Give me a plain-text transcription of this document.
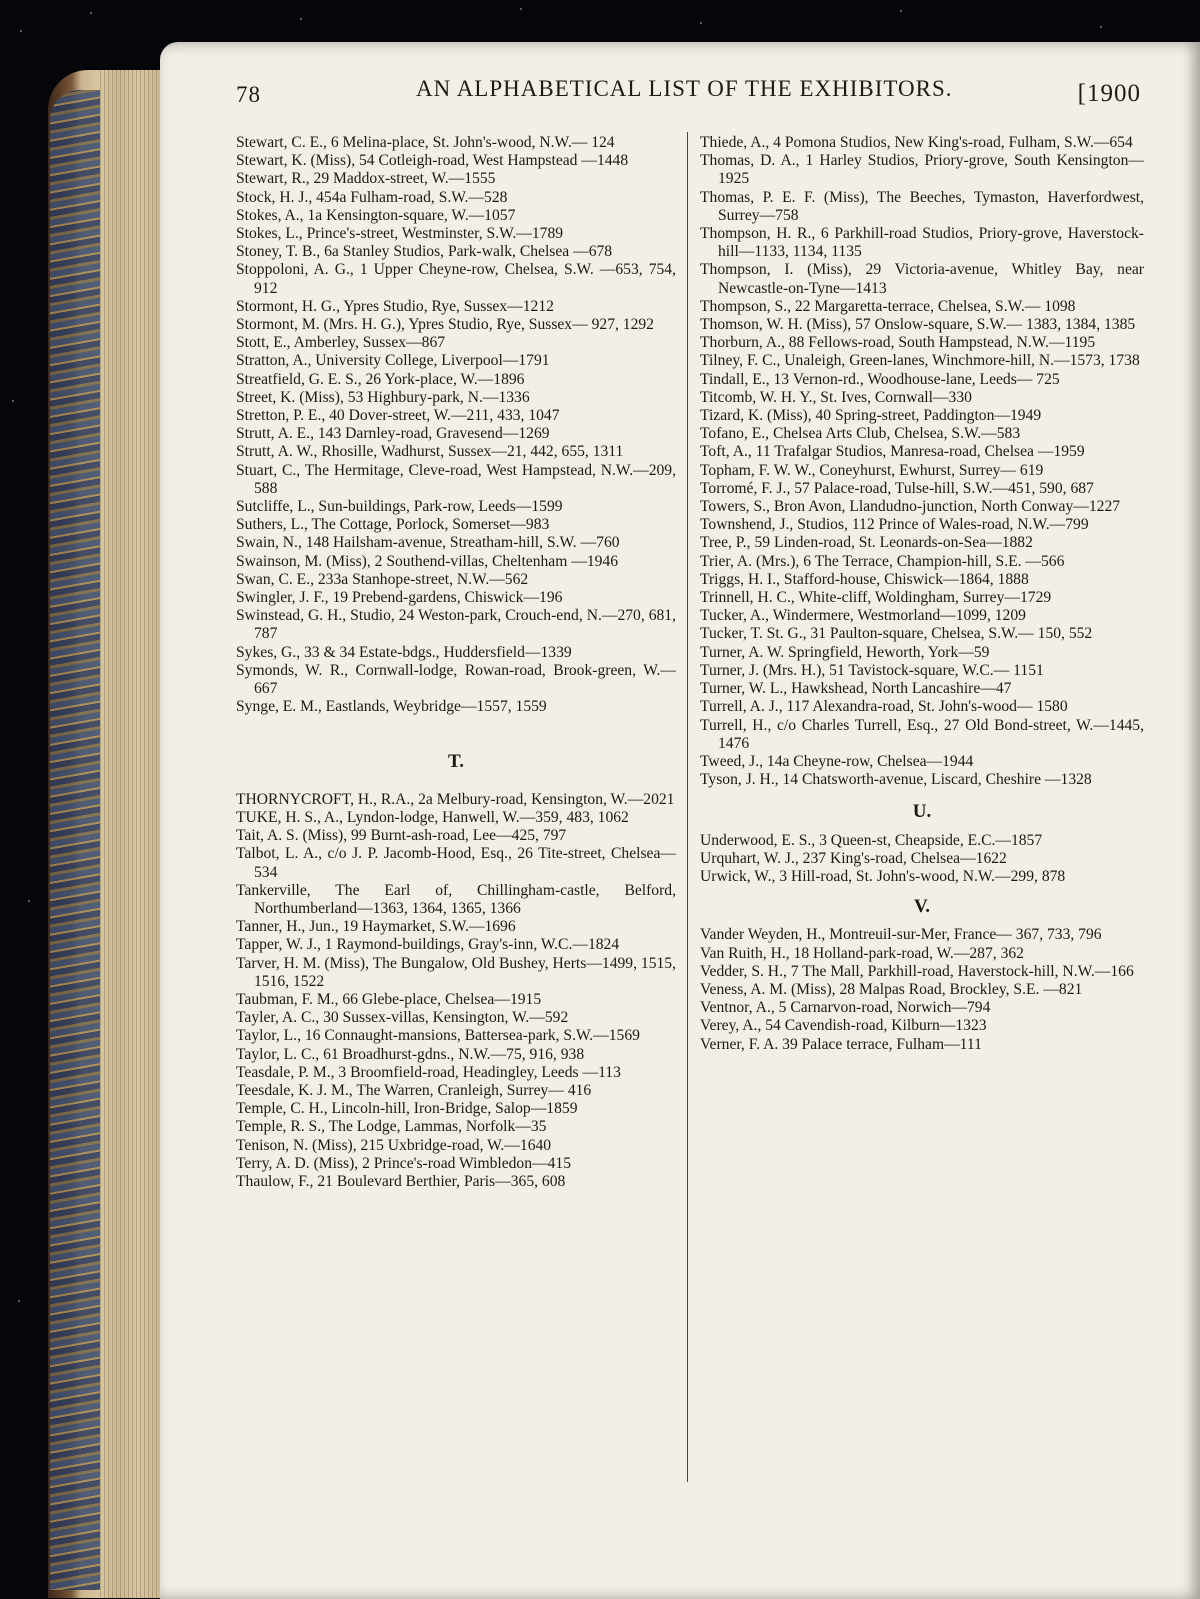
78	AN ALPHABETICAL LIST OF THE EXHIBITORS.	[1900

Stewart, C. E., 6 Melina-place, St. John's-wood, N.W.— 124

Stewart, K. (Miss), 54 Cotleigh-road, West Hampstead —1448

Stewart, R., 29 Maddox-street, W.—1555

Stock, H. J., 454a Fulham-road, S.W.—528

Stokes, A., 1a Kensington-square, W.—1057

Stokes, L., Prince's-street, Westminster, S.W.—1789

Stoney, T. B., 6a Stanley Studios, Park-walk, Chelsea —678

Stoppoloni, A. G., 1 Upper Cheyne-row, Chelsea, S.W. —653, 754, 912

Stormont, H. G., Ypres Studio, Rye, Sussex—1212

Stormont, M. (Mrs. H. G.), Ypres Studio, Rye, Sussex— 927, 1292

Stott, E., Amberley, Sussex—867

Stratton, A., University College, Liverpool—1791

Streatfield, G. E. S., 26 York-place, W.—1896

Street, K. (Miss), 53 Highbury-park, N.—1336

Stretton, P. E., 40 Dover-street, W.—211, 433, 1047

Strutt, A. E., 143 Darnley-road, Gravesend—1269

Strutt, A. W., Rhosille, Wadhurst, Sussex—21, 442, 655, 1311

Stuart, C., The Hermitage, Cleve-road, West Hampstead, N.W.—209, 588

Sutcliffe, L., Sun-buildings, Park-row, Leeds—1599

Suthers, L., The Cottage, Porlock, Somerset—983

Swain, N., 148 Hailsham-avenue, Streatham-hill, S.W. —760

Swainson, M. (Miss), 2 Southend-villas, Cheltenham —1946

Swan, C. E., 233a Stanhope-street, N.W.—562

Swingler, J. F., 19 Prebend-gardens, Chiswick—196

Swinstead, G. H., Studio, 24 Weston-park, Crouch-end, N.—270, 681, 787

Sykes, G., 33 & 34 Estate-bdgs., Huddersfield—1339

Symonds, W. R., Cornwall-lodge, Rowan-road, Brook-green, W.—667

Synge, E. M., Eastlands, Weybridge—1557, 1559

T.

THORNYCROFT, H., R.A., 2a Melbury-road, Kensington, W.—2021

TUKE, H. S., A., Lyndon-lodge, Hanwell, W.—359, 483, 1062

Tait, A. S. (Miss), 99 Burnt-ash-road, Lee—425, 797

Talbot, L. A., c/o J. P. Jacomb-Hood, Esq., 26 Tite-street, Chelsea—534

Tankerville, The Earl of, Chillingham-castle, Belford, Northumberland—1363, 1364, 1365, 1366

Tanner, H., Jun., 19 Haymarket, S.W.—1696

Tapper, W. J., 1 Raymond-buildings, Gray's-inn, W.C.—1824

Tarver, H. M. (Miss), The Bungalow, Old Bushey, Herts—1499, 1515, 1516, 1522

Taubman, F. M., 66 Glebe-place, Chelsea—1915

Tayler, A. C., 30 Sussex-villas, Kensington, W.—592

Taylor, L., 16 Connaught-mansions, Battersea-park, S.W.—1569

Taylor, L. C., 61 Broadhurst-gdns., N.W.—75, 916, 938

Teasdale, P. M., 3 Broomfield-road, Headingley, Leeds —113

Teesdale, K. J. M., The Warren, Cranleigh, Surrey— 416

Temple, C. H., Lincoln-hill, Iron-Bridge, Salop—1859

Temple, R. S., The Lodge, Lammas, Norfolk—35

Tenison, N. (Miss), 215 Uxbridge-road, W.—1640

Terry, A. D. (Miss), 2 Prince's-road Wimbledon—415

Thaulow, F., 21 Boulevard Berthier, Paris—365, 608

Thiede, A., 4 Pomona Studios, New King's-road, Fulham, S.W.—654

Thomas, D. A., 1 Harley Studios, Priory-grove, South Kensington—1925

Thomas, P. E. F. (Miss), The Beeches, Tymaston, Haverfordwest, Surrey—758

Thompson, H. R., 6 Parkhill-road Studios, Priory-grove, Haverstock-hill—1133, 1134, 1135

Thompson, I. (Miss), 29 Victoria-avenue, Whitley Bay, near Newcastle-on-Tyne—1413

Thompson, S., 22 Margaretta-terrace, Chelsea, S.W.— 1098

Thomson, W. H. (Miss), 57 Onslow-square, S.W.— 1383, 1384, 1385

Thorburn, A., 88 Fellows-road, South Hampstead, N.W.—1195

Tilney, F. C., Unaleigh, Green-lanes, Winchmore-hill, N.—1573, 1738

Tindall, E., 13 Vernon-rd., Woodhouse-lane, Leeds— 725

Titcomb, W. H. Y., St. Ives, Cornwall—330

Tizard, K. (Miss), 40 Spring-street, Paddington—1949

Tofano, E., Chelsea Arts Club, Chelsea, S.W.—583

Toft, A., 11 Trafalgar Studios, Manresa-road, Chelsea —1959

Topham, F. W. W., Coneyhurst, Ewhurst, Surrey— 619

Torromé, F. J., 57 Palace-road, Tulse-hill, S.W.—451, 590, 687

Towers, S., Bron Avon, Llandudno-junction, North Conway—1227

Townshend, J., Studios, 112 Prince of Wales-road, N.W.—799

Tree, P., 59 Linden-road, St. Leonards-on-Sea—1882

Trier, A. (Mrs.), 6 The Terrace, Champion-hill, S.E. —566

Triggs, H. I., Stafford-house, Chiswick—1864, 1888

Trinnell, H. C., White-cliff, Woldingham, Surrey—1729

Tucker, A., Windermere, Westmorland—1099, 1209

Tucker, T. St. G., 31 Paulton-square, Chelsea, S.W.— 150, 552

Turner, A. W. Springfield, Heworth, York—59

Turner, J. (Mrs. H.), 51 Tavistock-square, W.C.— 1151

Turner, W. L., Hawkshead, North Lancashire—47

Turrell, A. J., 117 Alexandra-road, St. John's-wood— 1580

Turrell, H., c/o Charles Turrell, Esq., 27 Old Bond-street, W.—1445, 1476

Tweed, J., 14a Cheyne-row, Chelsea—1944

Tyson, J. H., 14 Chatsworth-avenue, Liscard, Cheshire —1328

U.

Underwood, E. S., 3 Queen-st, Cheapside, E.C.—1857

Urquhart, W. J., 237 King's-road, Chelsea—1622

Urwick, W., 3 Hill-road, St. John's-wood, N.W.—299, 878

V.

Vander Weyden, H., Montreuil-sur-Mer, France— 367, 733, 796

Van Ruith, H., 18 Holland-park-road, W.—287, 362

Vedder, S. H., 7 The Mall, Parkhill-road, Haverstock-hill, N.W.—166

Veness, A. M. (Miss), 28 Malpas Road, Brockley, S.E. —821

Ventnor, A., 5 Carnarvon-road, Norwich—794

Verey, A., 54 Cavendish-road, Kilburn—1323

Verner, F. A. 39 Palace terrace, Fulham—111
